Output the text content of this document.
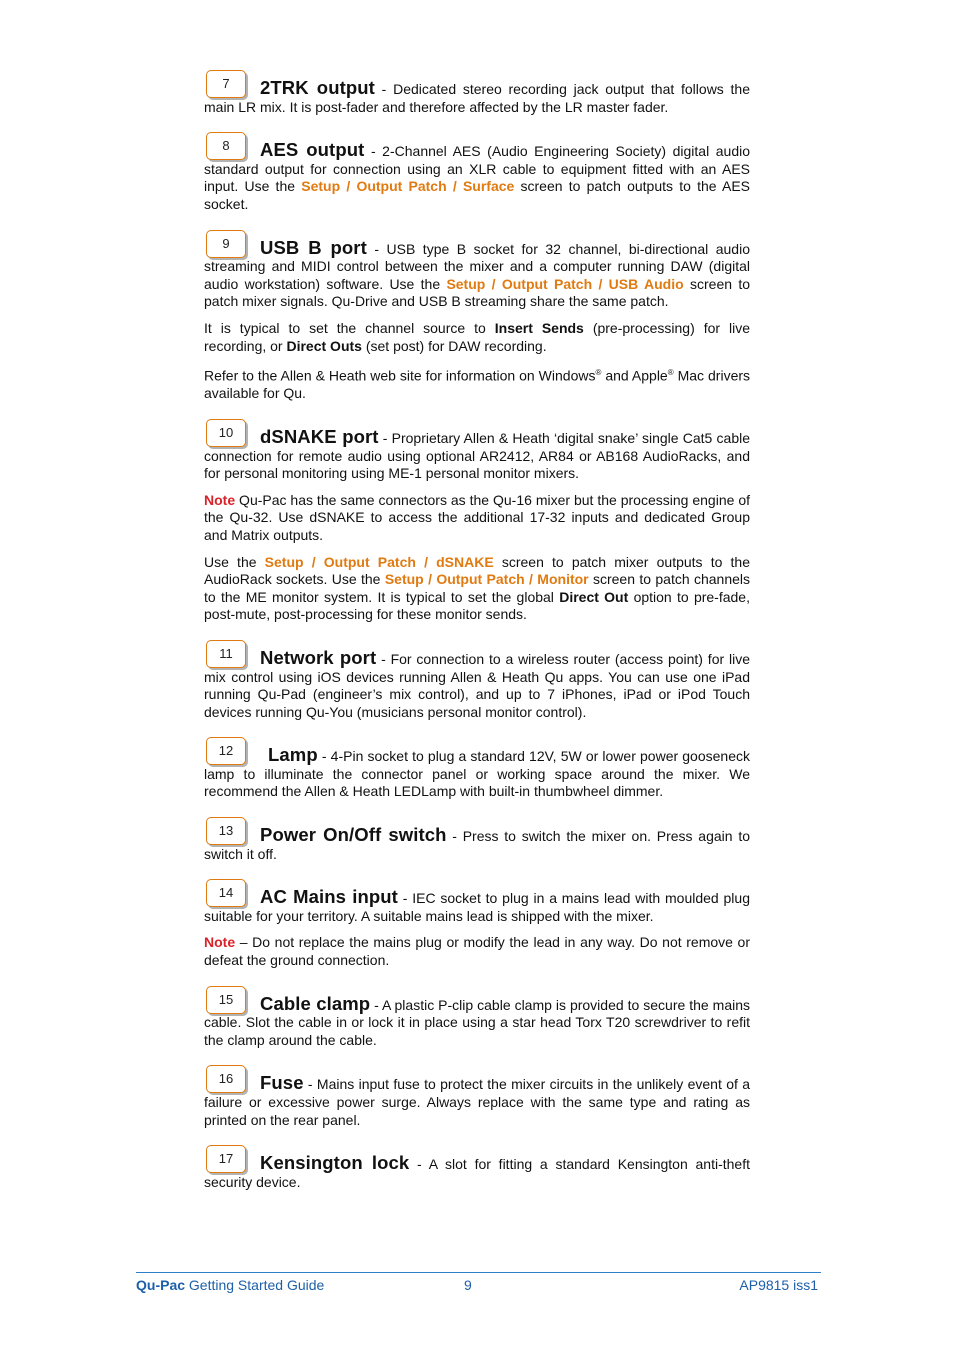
7	2TRK output - Dedicated stereo recording jack output that follows the main LR mix. It is post-fader and therefore affected by the LR master fader.

8	AES output - 2-Channel AES (Audio Engineering Society) digital audio standard output for connection using an XLR cable to equipment fitted with an AES input. Use the Setup / Output Patch / Surface screen to patch outputs to the AES socket.

9	USB B port - USB type B socket for 32 channel, bi-directional audio streaming and MIDI control between the mixer and a computer running DAW (digital audio workstation) software. Use the Setup / Output Patch / USB Audio screen to patch mixer signals. Qu-Drive and USB B streaming share the same patch.

It is typical to set the channel source to Insert Sends (pre-processing) for live recording, or Direct Outs (set post) for DAW recording.

Refer to the Allen & Heath web site for information on Windows® and Apple® Mac drivers available for Qu.

10	dSNAKE port - Proprietary Allen & Heath ‘digital snake’ single Cat5 cable connection for remote audio using optional AR2412, AR84 or AB168 AudioRacks, and for personal monitoring using ME-1 personal monitor mixers.

Note Qu-Pac has the same connectors as the Qu-16 mixer but the processing engine of the Qu-32. Use dSNAKE to access the additional 17-32 inputs and dedicated Group and Matrix outputs.

Use the Setup / Output Patch / dSNAKE screen to patch mixer outputs to the AudioRack sockets. Use the Setup / Output Patch / Monitor screen to patch channels to the ME monitor system. It is typical to set the global Direct Out option to pre-fade, post-mute, post-processing for these monitor sends.

11	Network port - For connection to a wireless router (access point) for live mix control using iOS devices running Allen & Heath Qu apps. You can use one iPad running Qu-Pad (engineer’s mix control), and up to 7 iPhones, iPad or iPod Touch devices running Qu-You (musicians personal monitor control).

12	Lamp - 4-Pin socket to plug a standard 12V, 5W or lower power gooseneck lamp to illuminate the connector panel or working space around the mixer. We recommend the Allen & Heath LEDLamp with built-in thumbwheel dimmer.

13	Power On/Off switch - Press to switch the mixer on. Press again to switch it off.

14	AC Mains input - IEC socket to plug in a mains lead with moulded plug suitable for your territory. A suitable mains lead is shipped with the mixer.

Note – Do not replace the mains plug or modify the lead in any way. Do not remove or defeat the ground connection.

15	Cable clamp - A plastic P-clip cable clamp is provided to secure the mains cable. Slot the cable in or lock it in place using a star head Torx T20 screwdriver to refit the clamp around the cable.

16	Fuse - Mains input fuse to protect the mixer circuits in the unlikely event of a failure or excessive power surge. Always replace with the same type and rating as printed on the rear panel.

17	Kensington lock - A slot for fitting a standard Kensington anti-theft security device.

Qu-Pac Getting Started Guide	9	AP9815 iss1
